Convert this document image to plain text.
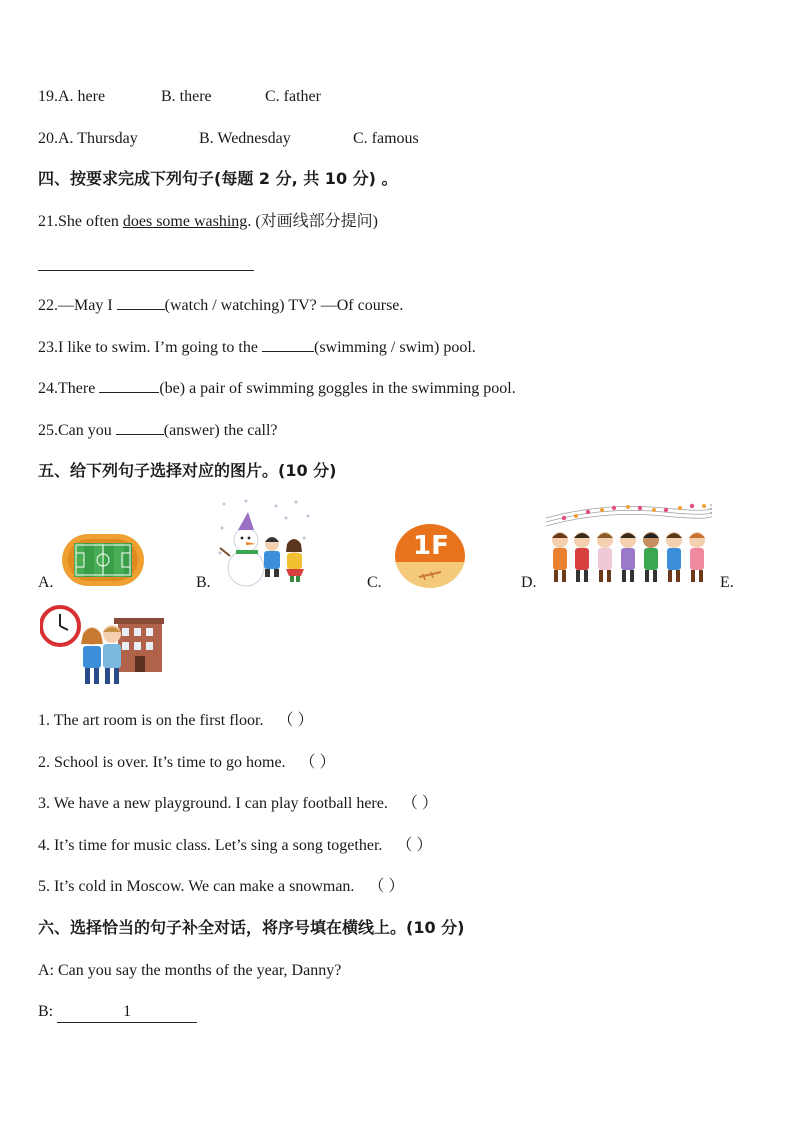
19.A. here	B. there	C. father
20.A. Thursday	B. Wednesday	C. famous
四、按要求完成下列句子(每题 2 分, 共 10 分) 。
21.She often does some washing. (对画线部分提问)
22.—May I	(watch / watching) TV? —Of course.
23.I like to swim. I’m going to the	(swimming / swim) pool.
24.There	(be) a pair of swimming goggles in the swimming pool.
25.Can you	(answer) the call?
五、给下列句子选择对应的图片。(10 分)
A.	B.	C.
1F
D.	E.
1. The art room is on the first floor. （ ）
2. School is over. It’s time to go home. （ ）
3. We have a new playground. I can play football here. （ ）
4. It’s time for music class. Let’s sing a song together. （ ）
5. It’s cold in Moscow. We can make a snowman. （ ）
六、选择恰当的句子补全对话，将序号填在横线上。(10 分)
A: Can you say the months of the year, Danny?
B:	1
